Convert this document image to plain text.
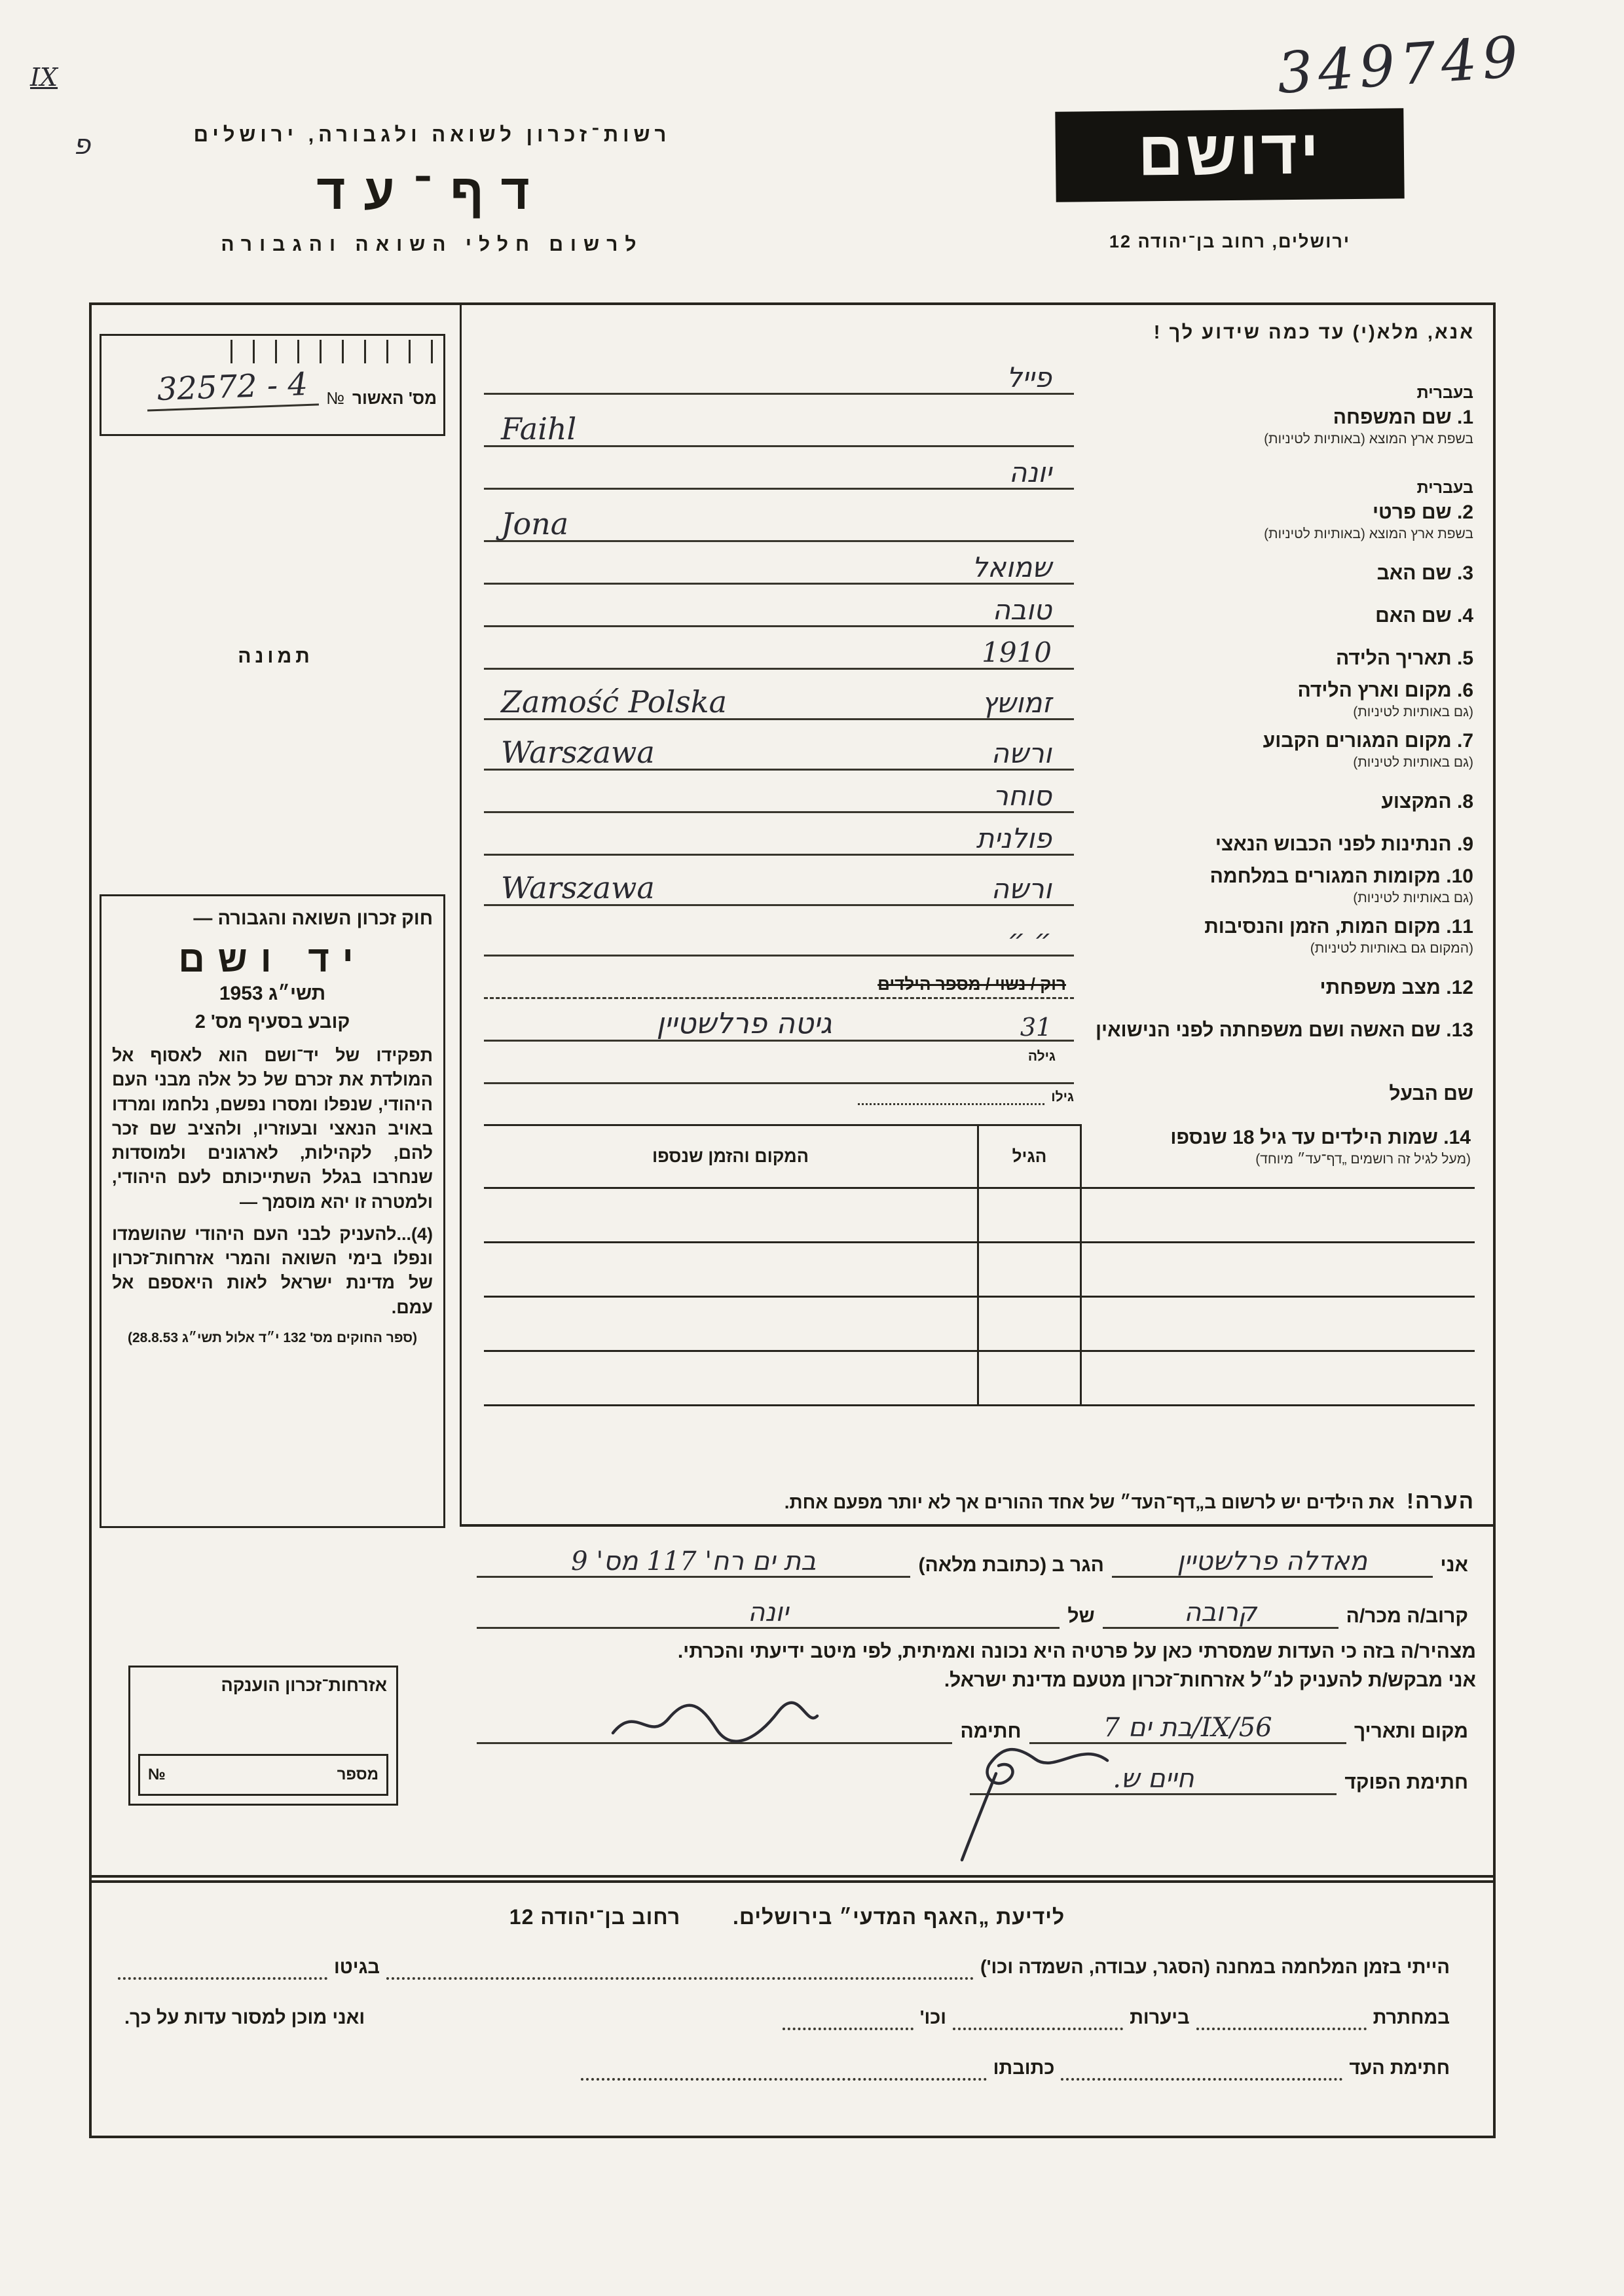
349749
IX
פ	רשות־זכרון לשואה ולגבורה, ירושלים
דף־עד
לרשום חללי השואה והגבורה
ידושם
ירושלים, רחוב בן־יהודה 12
מס' האשור
№
32572 - 4
תמונה
חוק זכרון השואה והגבורה —
יד ושם
תשי״ג 1953
קובע בסעיף מס' 2
תפקידו של יד־ושם הוא לאסוף אל המולדת את זכרם של כל אלה מבני העם היהודי, שנפלו ומסרו נפשם, נלחמו ומרדו באויב הנאצי ובעוזריו, ולהציב שם זכר להם, לקהילות, לארגונים ולמוסדות שנחרבו בגלל השתייכותם לעם היהודי, ולמטרה זו יהא מוסמך —
(4)...להעניק לבני העם היהודי שהושמדו ונפלו בימי השואה והמרי אזרחות־זכרון של מדינת ישראל לאות היאספם אל עמם.
(ספר החוקים מס' 132 י״ד אלול תשי״ג 28.8.53)
אזרחות־זכרון הוענקה
מספר
№
אנא, מלא(י) עד כמה שידוע לך !
בעברית
1. שם המשפחה
בשפת ארץ המוצא (באותיות לטיניות)
פייל
Faihl
בעברית
2. שם פרטי
בשפת ארץ המוצא (באותיות לטיניות)
יונה
Jona
3. שם האב
שמואל
4. שם האם
טובה
5. תאריך הלידה
1910
6. מקום וארץ הלידה
(גם באותיות לטיניות)
זמושץ
Zamość Polska
7. מקום המגורים הקבוע
(גם באותיות לטיניות)
ורשה
Warszawa
8. המקצוע
סוחר
9. הנתינות לפני הכבוש הנאצי
פולנית
10. מקומות המגורים במלחמה
(גם באותיות לטיניות)
ורשה
Warszawa
11. מקום המות, הזמן והנסיבות
(המקום גם באותיות לטיניות)
״ ״
12. מצב משפחתי
רוק / נשוי / מספר הילדים
13. שם האשה ושם משפחתה לפני הנישואין
31
גילה
גיטה פרלשטיין
שם הבעל
גילו
14. שמות הילדים עד גיל 18 שנספו
(מעל לגיל זה רושמים „דף־עד״ מיוחד)
הגיל
המקום והזמן שנספו
הערה! את הילדים יש לרשום ב„דף־העד״ של אחד ההורים אך לא יותר מפעם אחת.
אני
מאדלה פרלשטיין
הגר ב (כתובת מלאה)
בת ים רח' 117 מס' 9
קרוב/ה מכר/ה
קרובה
של
יונה
מצהיר/ה בזה כי העדות שמסרתי כאן על פרטיה היא נכונה ואמיתית, לפי מיטב ידיעתי והכרתי.
אני מבקש/ת להעניק לנ״ל אזרחות־זכרון מטעם מדינת ישראל.
מקום ותאריך
בת ים 7/IX/56
חתימה
חתימת הפוקד
חיים ש.
לידיעת „האגף המדעי״ בירושלים. רחוב בן־יהודה 12
הייתי בזמן המלחמה במחנה (הסגר, עבודה, השמדה וכו')
בגיטו
במחתרת
ביערות
וכו'
ואני מוכן למסור עדות על כך.
חתימת העד
כתובתו
